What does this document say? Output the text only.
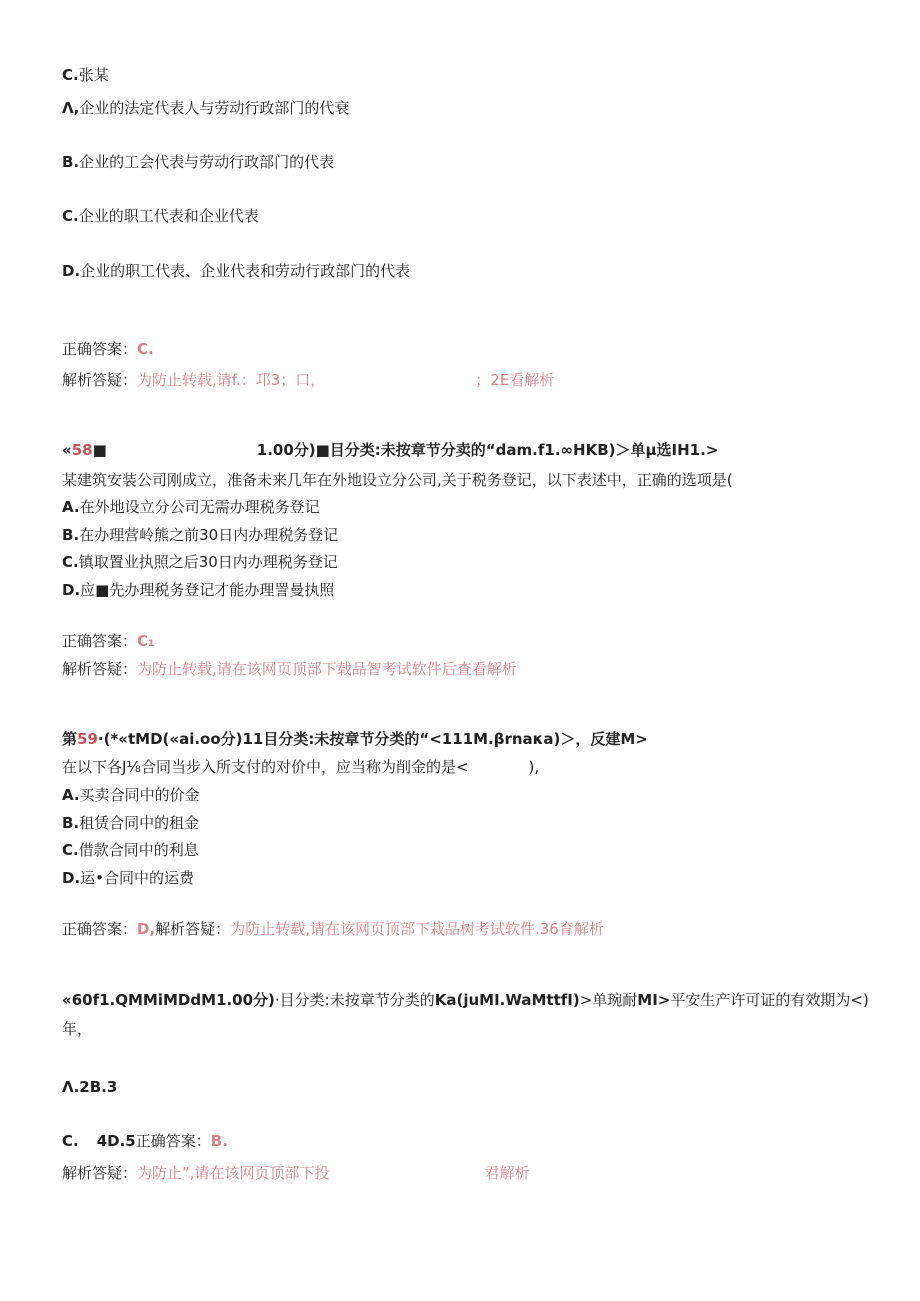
C.张某
Λ,企业的法定代表人与劳动行政部门的代衰
B.企业的工会代表与劳动行政部门的代表
C.企业的职工代表和企业代表
D.企业的职工代表、企业代表和劳动行政部门的代表
正确答案：C.
解析答疑：为防止转载,请f.：邛3；口，	；2E看解析
«58■	1.00分)■目分类:未按章节分卖的“dam.f1.∞HKB)＞单μ选IH1.>
某建筑安装公司刚成立，准备未来几年在外地设立分公司,关于税务登记，以下表述中，正确的选项是(
A.在外地设立分公司无需办理税务登记
B.在办理营岭熊之前30日内办理税务登记
C.镇取置业执照之后30日内办理税务登记
D.应■先办理税务登记才能办理詈曼执照
正确答案：C₁
解析答疑：为防止转载,请在该网页顶部下载品智考试软件后查看解析
第59·(*«tMD(«ai.oo分)11目分类:未按章节分类的“<111M.βrnaκa)＞，反建M>
在以下各J⅛合同当步入所支付的对价中，应当称为削金的是<	),
A.买卖合同中的价金
B.租赁合同中的租金
C.借款合同中的利息
D.运•合同中的运费
正确答案：D,解析答疑：为防止转载,请在该网页顶部下栽品树考试软件.36育解析
«60f1.QMMiMDdM1.00分)·目分类:未按章节分类的Ka(juMI.WaMttfI)>单琬耐MI>平安生产许可证的有效期为<)
年，
Λ.2B.3
C. 4D.5正确答案：B.
解析答疑：为防止”,请在该网页顶部下投	君解析
